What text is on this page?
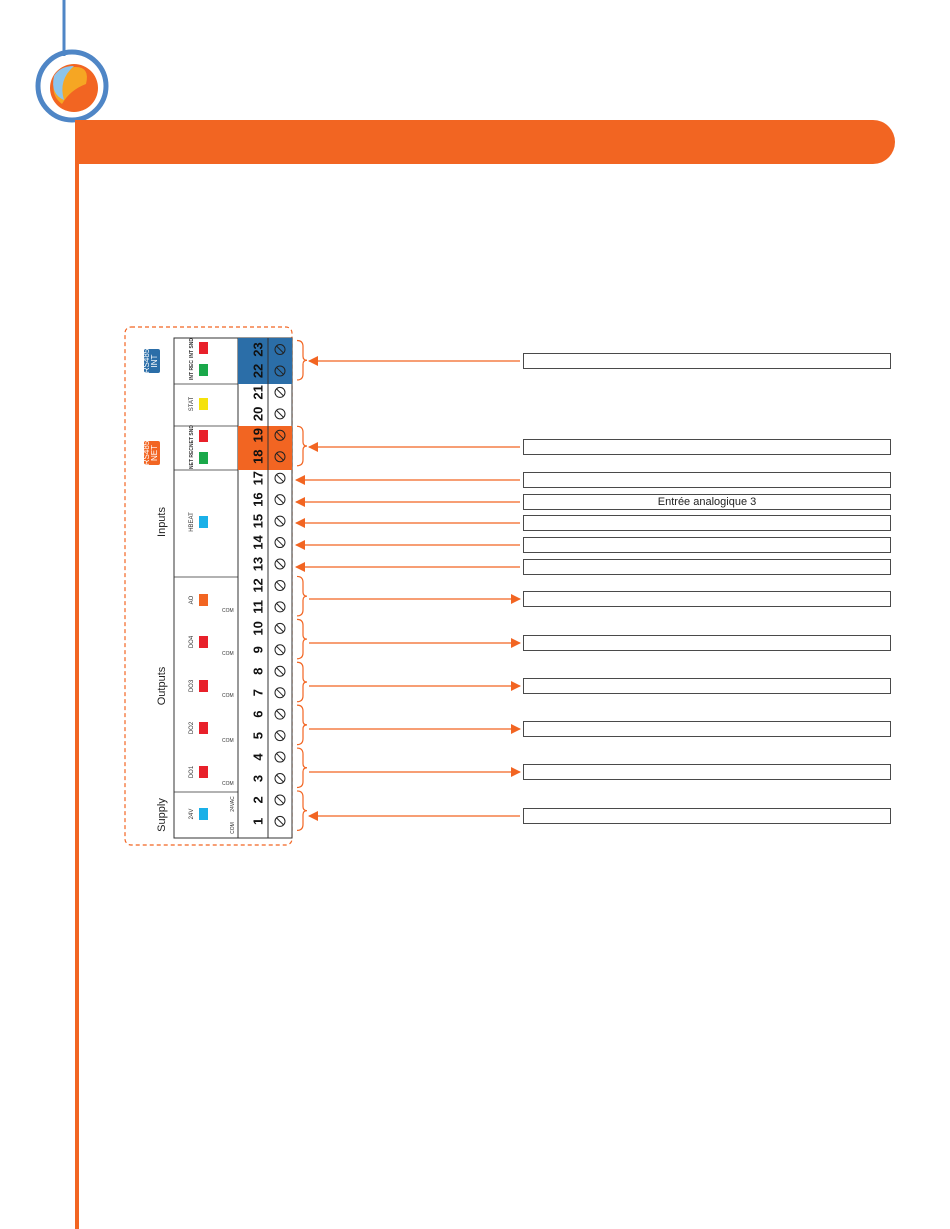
23
22
21
20
19
18
17
16
15
14
13
12
11
10
9
8
7
6
5
4
3
2
1
RS485 INT
RS485 NET
Inputs
Outputs
Supply
INT SND
INT REC
STAT
NET SND
NET REC
HBEAT
AO
DO4
DO3
DO2
DO1
24V
COM
COM
COM
COM
COM
COM
24VAC
Entrée analogique 3
